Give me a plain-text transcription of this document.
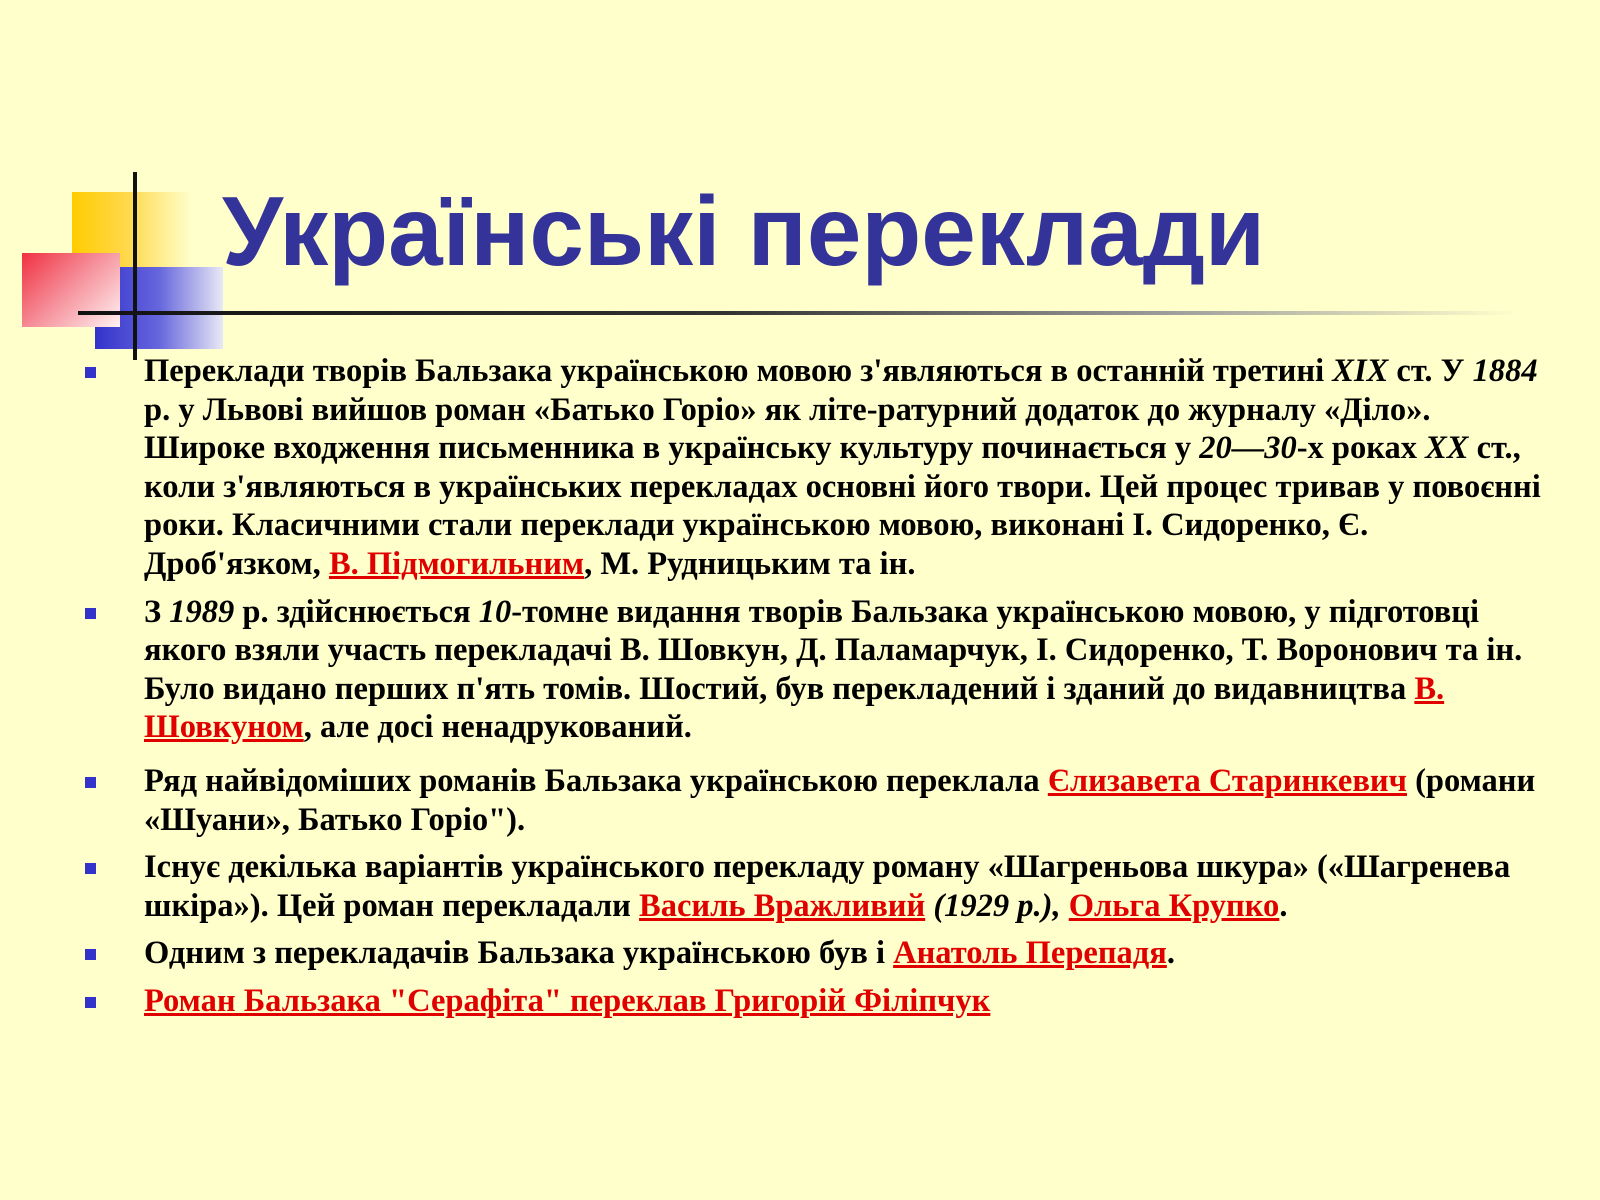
Українські переклади
Переклади творів Бальзака українською мовою з'являються в останній третині XIX ст. У 1884 р. у Львові вийшов роман «Батько Горіо» як літе-ратурний додаток до журналу «Діло». Широке входження письменника в українську культуру починається у 20—30-х роках XX ст., коли з'являються в українських перекладах основні його твори. Цей процес тривав у повоєнні роки. Класичними стали переклади українською мовою, виконані І. Сидоренко, Є. Дроб'язком, В. Підмогильним, М. Рудницьким та ін.
З 1989 р. здійснюється 10-томне видання творів Бальзака українською мовою, у підготовці якого взяли участь перекладачі В. Шовкун, Д. Паламарчук, І. Сидоренко, Т. Воронович та ін. Було видано перших п'ять томів. Шостий, був перекладений і зданий до видавництва В. Шовкуном, але досі ненадрукований.
Ряд найвідоміших романів Бальзака українською переклала Єлизавета Старинкевич (романи «Шуани», Батько Горіо").
Існує декілька варіантів українського перекладу роману «Шагреньова шкура» («Шагренева шкіра»). Цей роман перекладали Василь Вражливий (1929 р.), Ольга Крупко.
Одним з перекладачів Бальзака українською був і Анатоль Перепадя.
Роман Бальзака "Серафіта" переклав Григорій Філіпчук
